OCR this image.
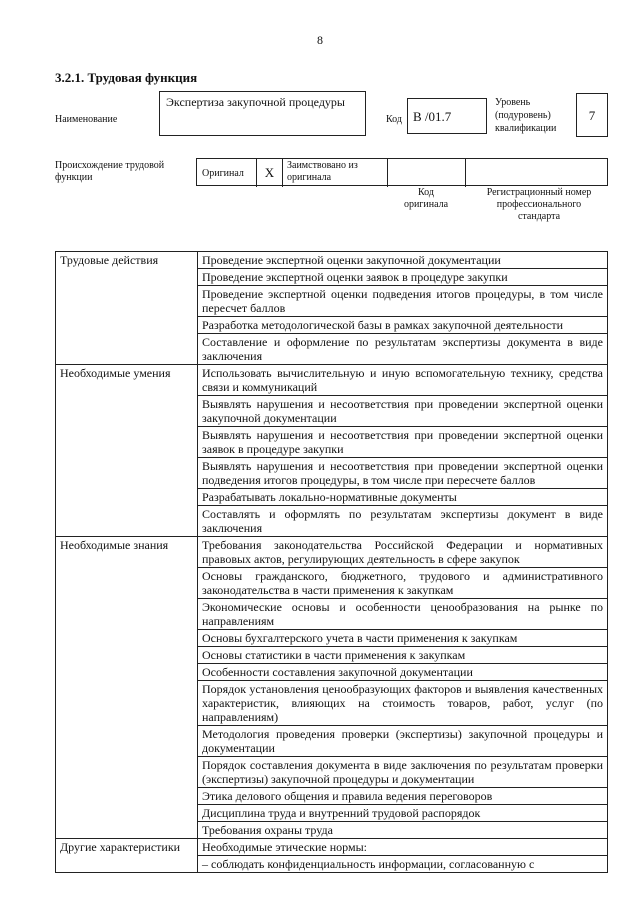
8
3.2.1. Трудовая функция
Наименование
Экспертиза закупочной процедуры
Код В /01.7
Уровень
(подуровень)
квалификации
7
Происхождение трудовой
функции	Оригинал	X	Заимствовано из
оригинала
Код
оригинала
Регистрационный номер
профессионального
стандарта
Трудовые действия	Проведение экспертной оценки закупочной документации
	Проведение экспертной оценки заявок в процедуре закупки
	Проведение экспертной оценки подведения итогов процедуры, в том числе пересчет баллов
	Разработка методологической базы в рамках закупочной деятельности
	Составление и оформление по результатам экспертизы документа в виде заключения
Необходимые умения	Использовать вычислительную и иную вспомогательную технику, средства связи и коммуникаций
	Выявлять нарушения и несоответствия при проведении экспертной оценки закупочной документации
	Выявлять нарушения и несоответствия при проведении экспертной оценки заявок в процедуре закупки
	Выявлять нарушения и несоответствия при проведении экспертной оценки подведения итогов процедуры, в том числе при пересчете баллов
	Разрабатывать локально-нормативные документы
	Составлять и оформлять по результатам экспертизы документ в виде заключения
Необходимые знания	Требования законодательства Российской Федерации и нормативных правовых актов, регулирующих деятельность в сфере закупок
	Основы гражданского, бюджетного, трудового и административного законодательства в части применения к закупкам
	Экономические основы и особенности ценообразования на рынке по направлениям
	Основы бухгалтерского учета в части применения к закупкам
	Основы статистики в части применения к закупкам
	Особенности составления закупочной документации
	Порядок установления ценообразующих факторов и выявления качественных характеристик, влияющих на стоимость товаров, работ, услуг (по направлениям)
	Методология проведения проверки (экспертизы) закупочной процедуры и документации
	Порядок составления документа в виде заключения по результатам проверки (экспертизы) закупочной процедуры и документации
	Этика делового общения и правила ведения переговоров
	Дисциплина труда и внутренний трудовой распорядок
	Требования охраны труда
Другие характеристики	Необходимые этические нормы:
	– соблюдать конфиденциальность информации, согласованную с
